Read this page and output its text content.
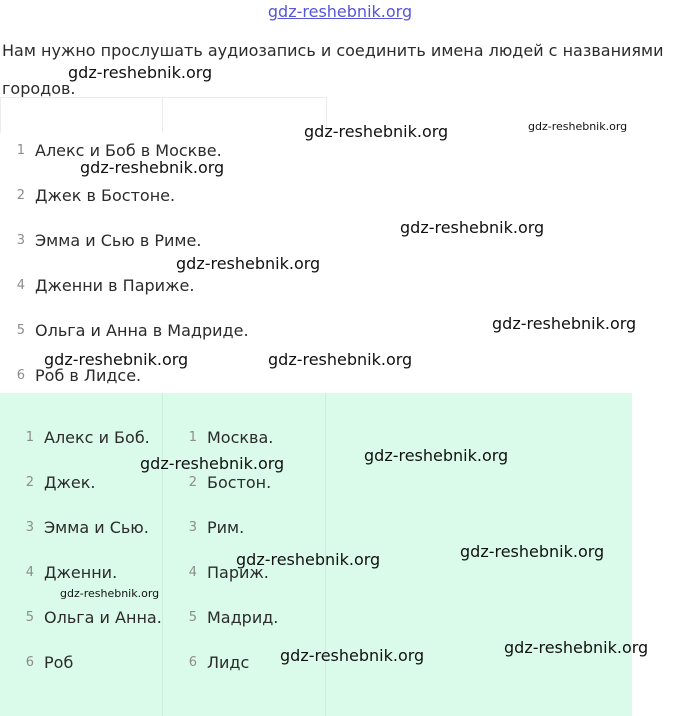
gdz-reshebnik.org
Нам нужно прослушать аудиозапись и соединить имена людей с названиями городов.
1 Алекс и Боб в Москве.
2 Джек в Бостоне.
3 Эмма и Сью в Риме.
4 Дженни в Париже.
5 Ольга и Анна в Мадриде.
6 Роб в Лидсе.
1 Алекс и Боб.
2 Джек.
3 Эмма и Сью.
4 Дженни.
5 Ольга и Анна.
6 Роб
1 Москва.
2 Бостон.
3 Рим.
4 Париж.
5 Мадрид.
6 Лидс
gdz-reshebnik.org
gdz-reshebnik.org	gdz-reshebnik.org
gdz-reshebnik.org
gdz-reshebnik.org
gdz-reshebnik.org
gdz-reshebnik.org
gdz-reshebnik.org	gdz-reshebnik.org
gdz-reshebnik.org
gdz-reshebnik.org
gdz-reshebnik.org
gdz-reshebnik.org
gdz-reshebnik.org
gdz-reshebnik.org
gdz-reshebnik.org
